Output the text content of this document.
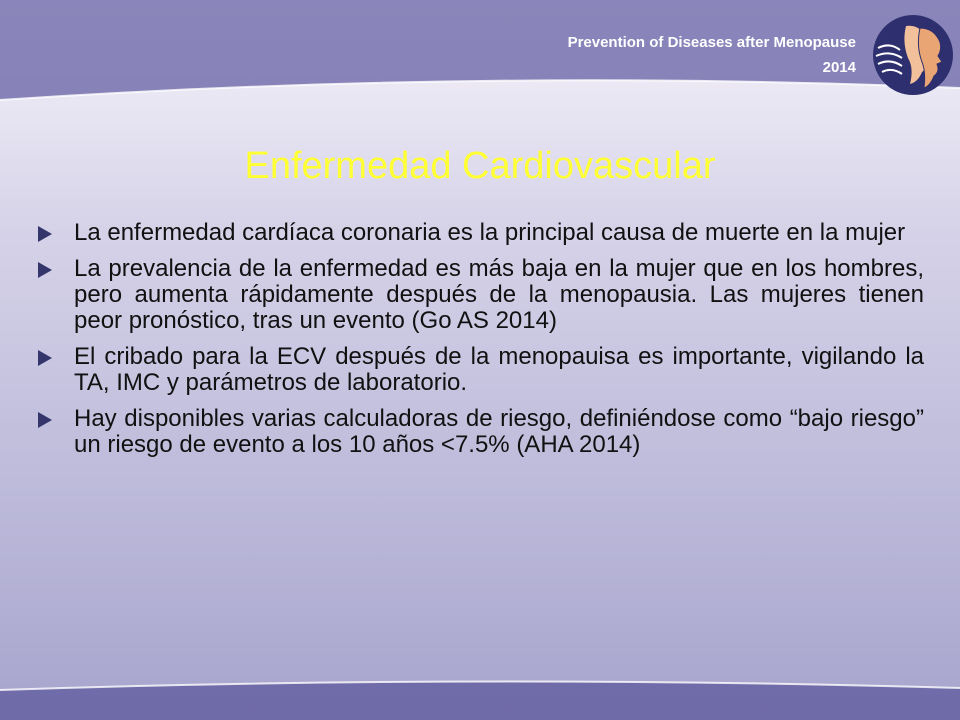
Prevention of Diseases after Menopause
2014
Enfermedad Cardiovascular
La enfermedad cardíaca coronaria es la principal causa de muerte en la mujer
La prevalencia de la enfermedad es más baja en la mujer que en los hombres, pero aumenta rápidamente después de la menopausia. Las mujeres tienen peor pronóstico, tras un evento (Go AS 2014)
El cribado para la ECV después de la menopauisa es importante, vigilando la TA, IMC y parámetros de laboratorio.
Hay disponibles varias calculadoras de riesgo, definiéndose como “bajo riesgo” un riesgo de evento a los 10 años <7.5% (AHA 2014)
